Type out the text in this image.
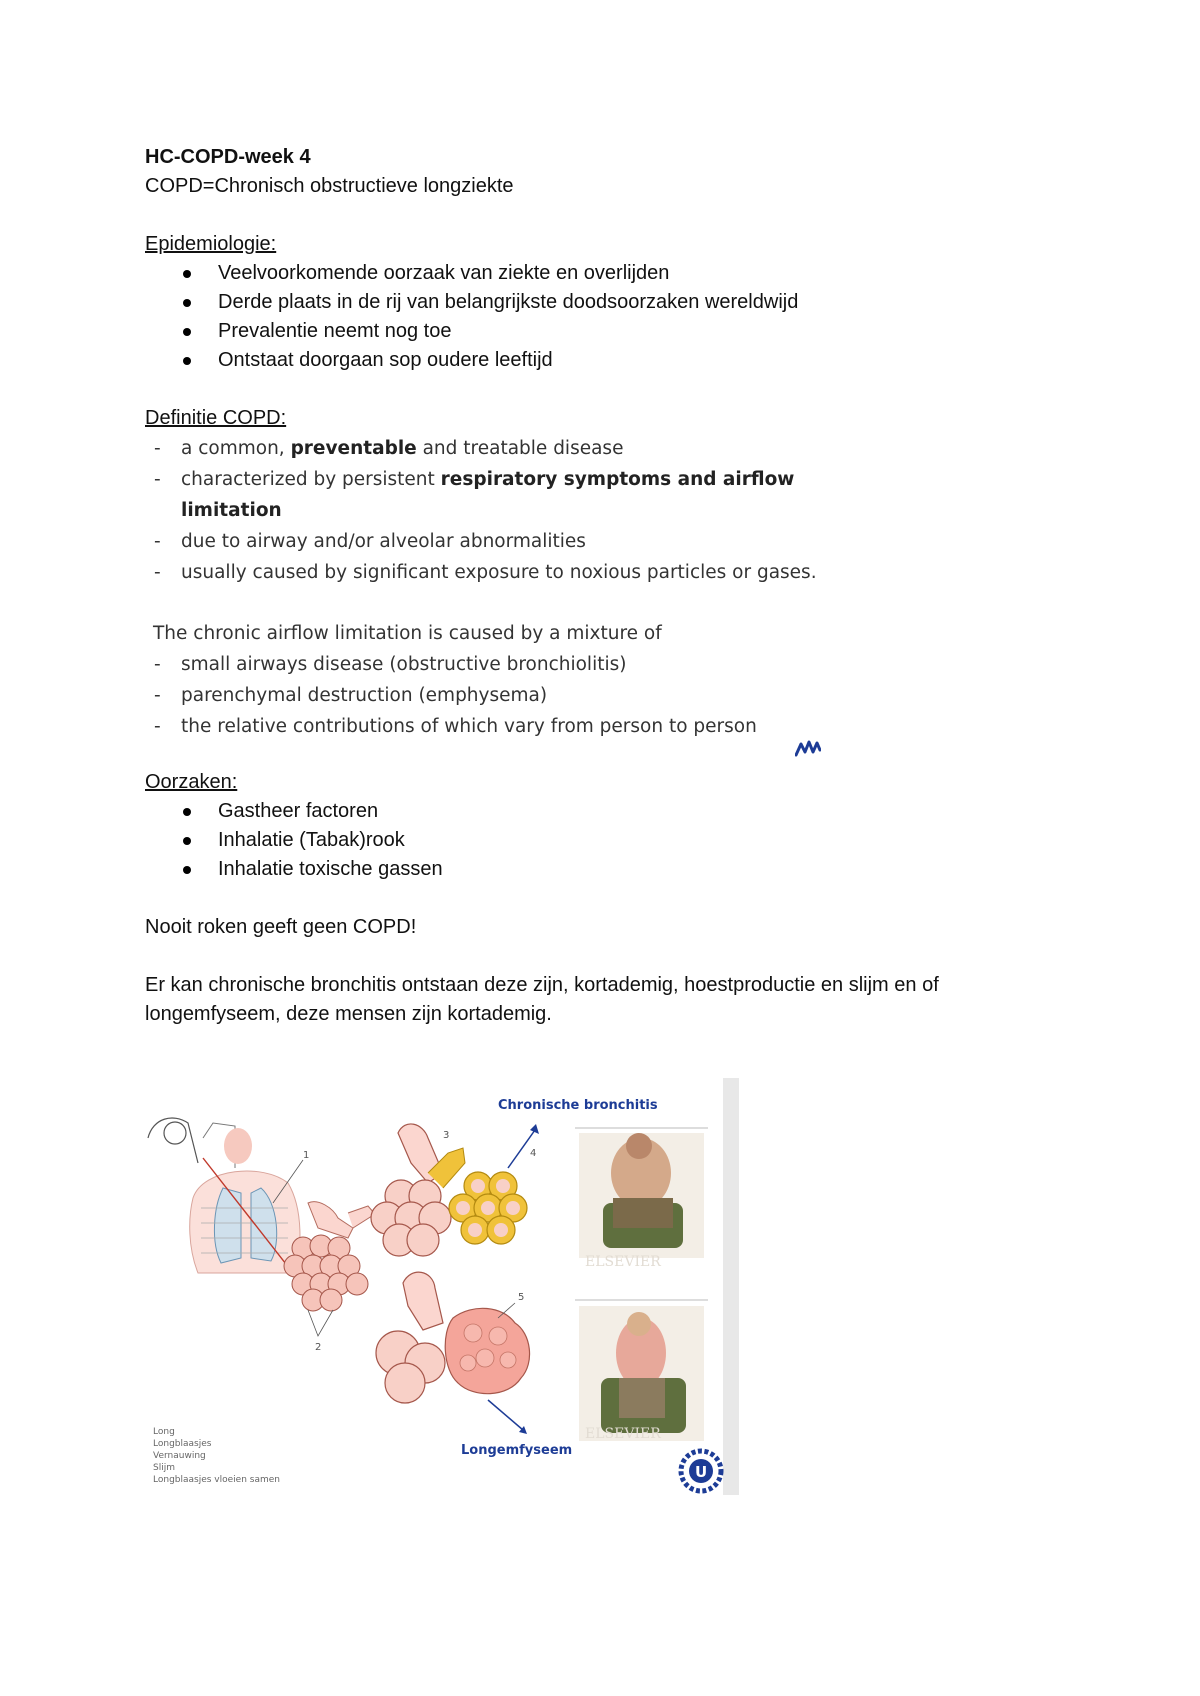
HC-COPD-week 4

COPD=Chronisch obstructieve longziekte

Epidemiologie:

Veelvoorkomende oorzaak van ziekte en overlijden
Derde plaats in de rij van belangrijkste doodsoorzaken wereldwijd
Prevalentie neemt nog toe
Ontstaat doorgaan sop oudere leeftijd

Definitie COPD:

- a common, preventable and treatable disease
- characterized by persistent respiratory symptoms and airflow
limitation
- due to airway and/or alveolar abnormalities
- usually caused by significant exposure to noxious particles or gases.
The chronic airflow limitation is caused by a mixture of
- small airways disease (obstructive bronchiolitis)
- parenchymal destruction (emphysema)
- the relative contributions of which vary from person to person

Oorzaken:

Gastheer factoren
Inhalatie (Tabak)rook
Inhalatie toxische gassen

Nooit roken geeft geen COPD!

Er kan chronische bronchitis ontstaan deze zijn, kortademig, hoestproductie en slijm en of longemfyseem, deze mensen zijn kortademig.

1
2
3
4
5
Chronische bronchitis
Longemfyseem
ELSEVIER
ELSEVIER
Long
Longblaasjes
Vernauwing
Slijm
Longblaasjes vloeien samen	U
